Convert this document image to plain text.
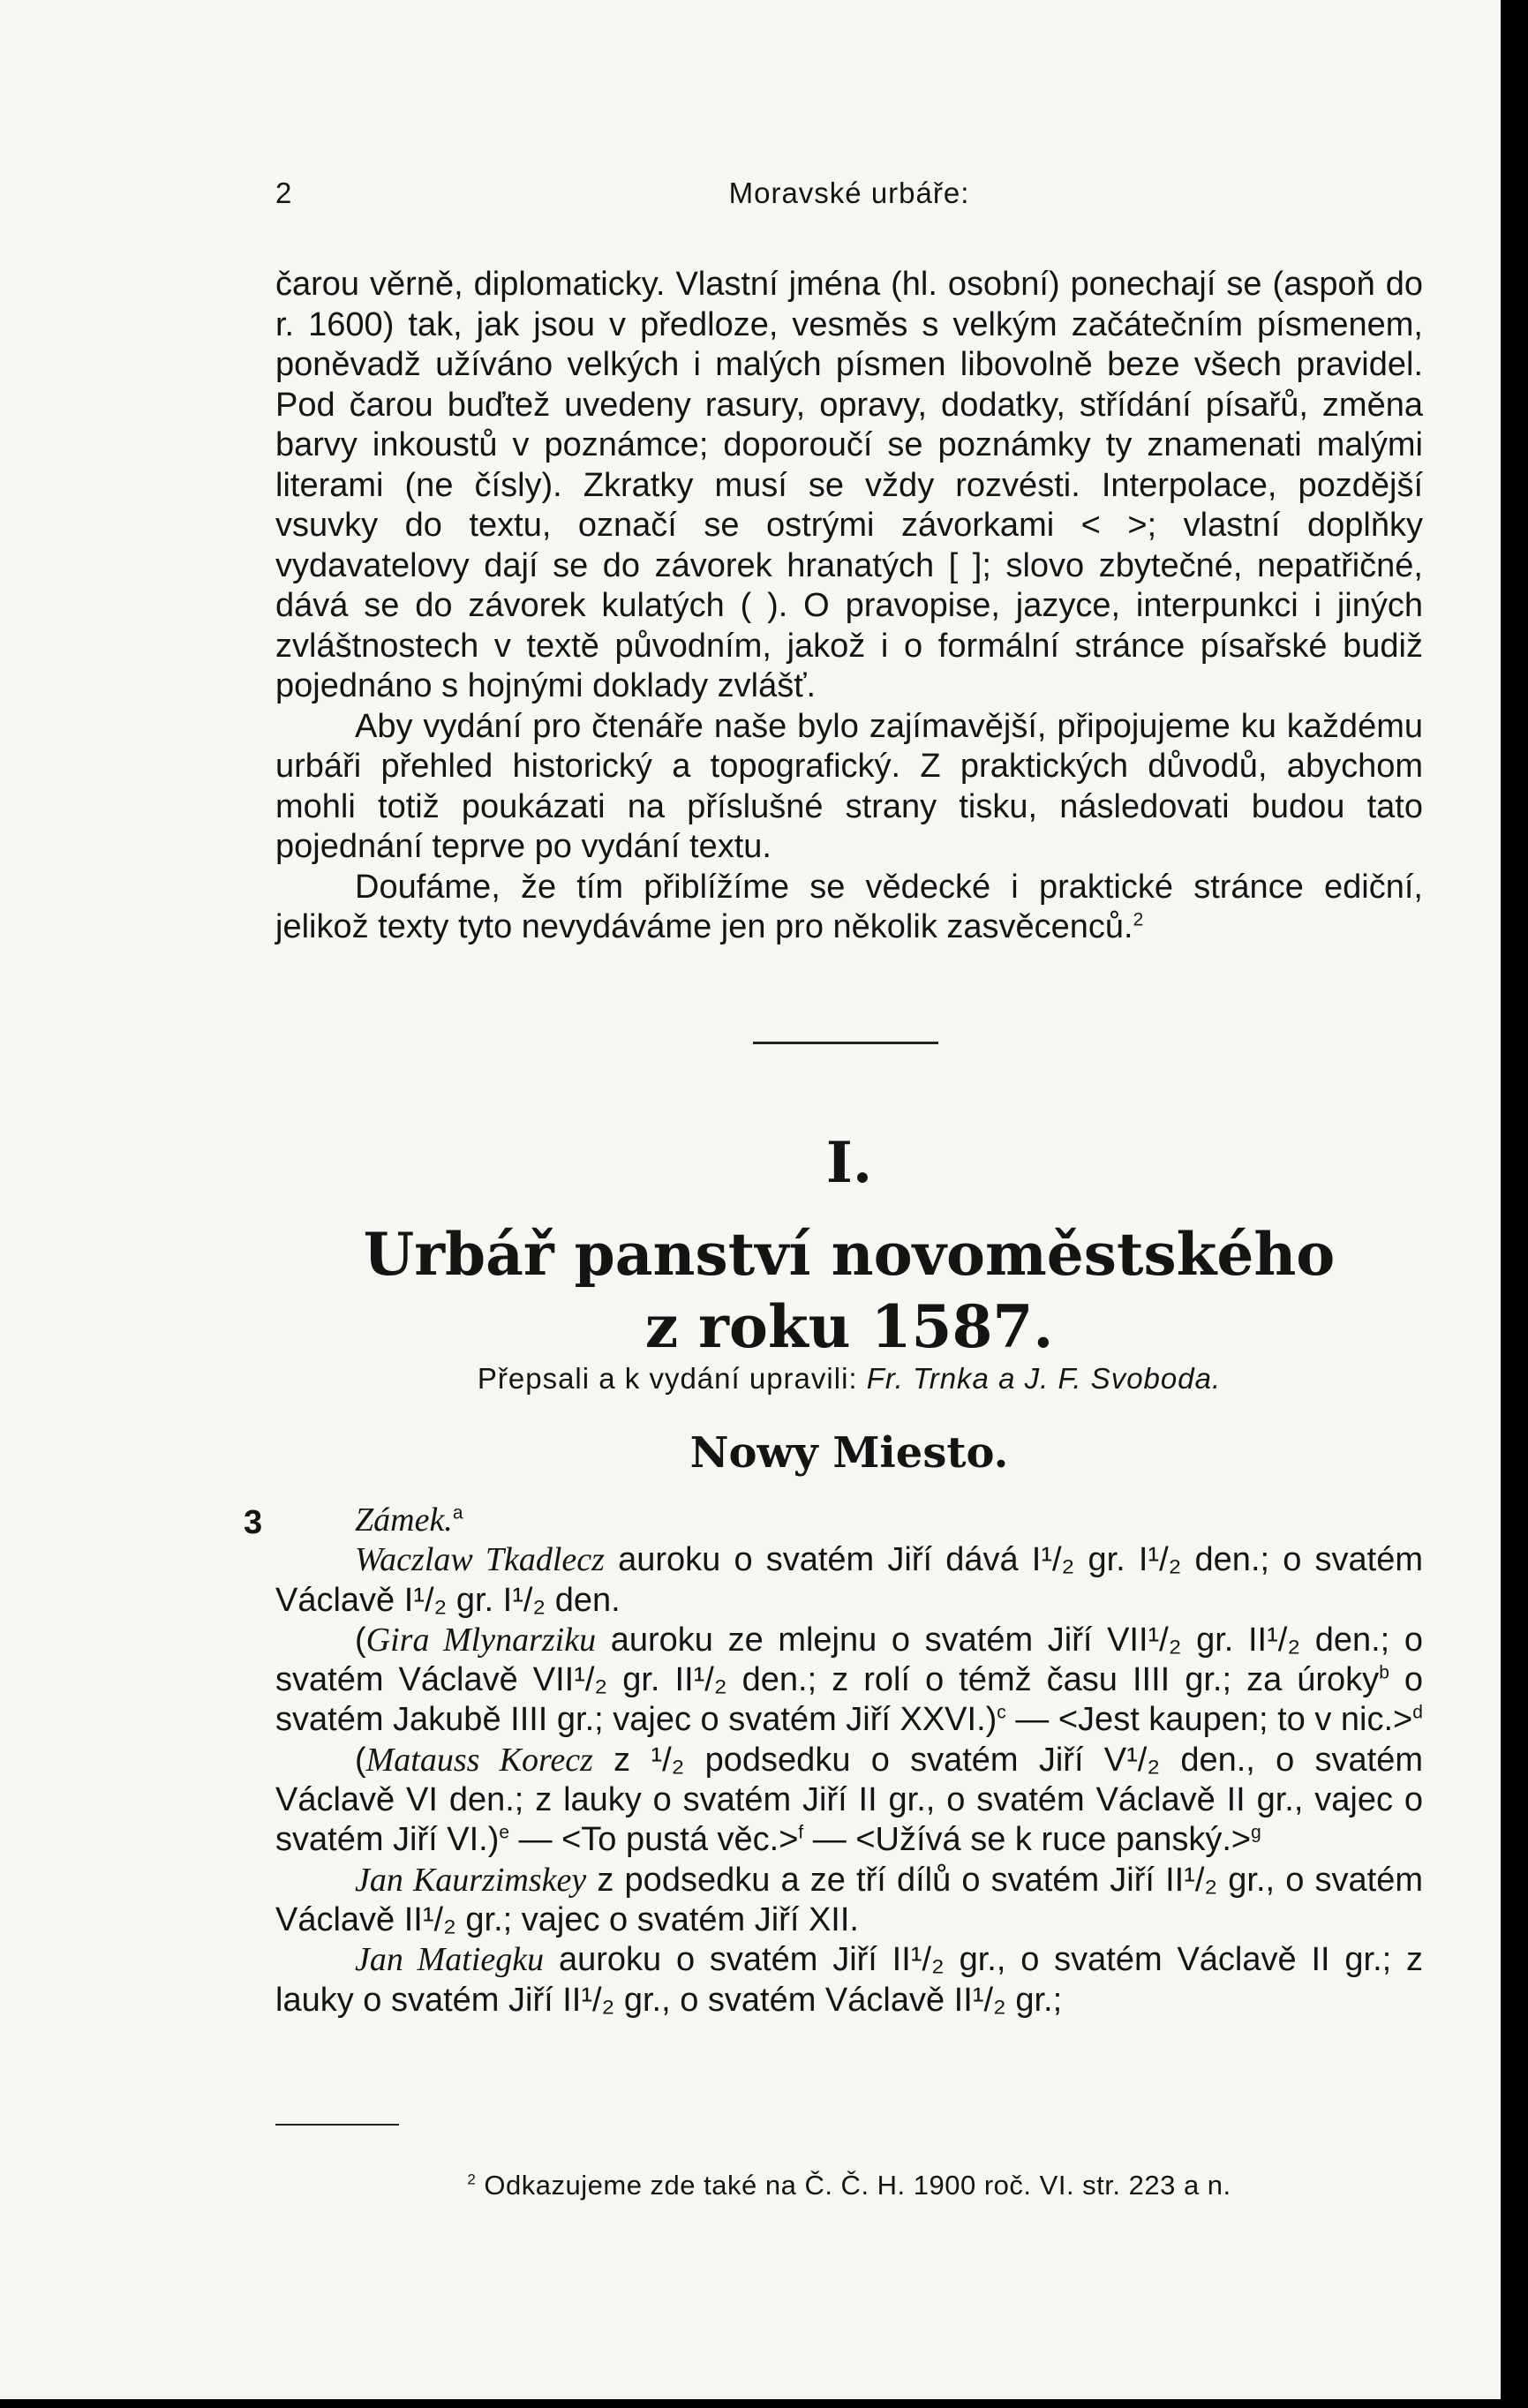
2	Moravské urbáře:

čarou věrně, diplomaticky. Vlastní jména (hl. osobní) ponechají se (aspoň do r. 1600) tak, jak jsou v předloze, vesměs s velkým začátečním písmenem, poněvadž užíváno velkých i malých písmen libovolně beze všech pravidel. Pod čarou buďtež uvedeny rasury, opravy, dodatky, střídání písařů, změna barvy inkoustů v poznámce; doporoučí se poznámky ty znamenati malými literami (ne čísly). Zkratky musí se vždy rozvésti. Interpolace, pozdější vsuvky do textu, označí se ostrými závorkami < >; vlastní doplňky vydavatelovy dají se do závorek hranatých [ ]; slovo zbytečné, nepatřičné, dává se do závorek kulatých ( ). O pravopise, jazyce, interpunkci i jiných zvláštnostech v textě původním, jakož i o formální stránce písařské budiž pojednáno s hojnými doklady zvlášť.

Aby vydání pro čtenáře naše bylo zajímavější, připojujeme ku každému urbáři přehled historický a topografický. Z praktických důvodů, abychom mohli totiž poukázati na příslušné strany tisku, následovati budou tato pojednání teprve po vydání textu.

Doufáme, že tím přiblížíme se vědecké i praktické stránce ediční, jelikož texty tyto nevydáváme jen pro několik zasvěcenců.$^2$

I.
Urbář panství novoměstského
z roku 1587.
Přepsali a k vydání upravili: Fr. Trnka a J. F. Svoboda.
Nowy Miesto.
3	Zámek.$^a$

Waczlaw Tkadlecz auroku o svatém Jiří dává I¹/₂ gr. I¹/₂ den.; o svatém Václavě I¹/₂ gr. I¹/₂ den.

(Gira Mlynarziku auroku ze mlejnu o svatém Jiří VII¹/₂ gr. II¹/₂ den.; o svatém Václavě VII¹/₂ gr. II¹/₂ den.; z rolí o témž času IIII gr.; za úroky$^b$ o svatém Jakubě IIII gr.; vajec o svatém Jiří XXVI.)$^c$ — <Jest kaupen; to v nic.>$^d$

(Matauss Korecz z ¹/₂ podsedku o svatém Jiří V¹/₂ den., o svatém Václavě VI den.; z lauky o svatém Jiří II gr., o svatém Václavě II gr., vajec o svatém Jiří VI.)$^e$ — <To pustá věc.>$^f$ — <Užívá se k ruce panský.>$^g$

Jan Kaurzimskey z podsedku a ze tří dílů o svatém Jiří II¹/₂ gr., o svatém Václavě II¹/₂ gr.; vajec o svatém Jiří XII.

Jan Matiegku auroku o svatém Jiří II¹/₂ gr., o svatém Václavě II gr.; z lauky o svatém Jiří II¹/₂ gr., o svatém Václavě II¹/₂ gr.;

$^2$ Odkazujeme zde také na Č. Č. H. 1900 roč. VI. str. 223 a n.
